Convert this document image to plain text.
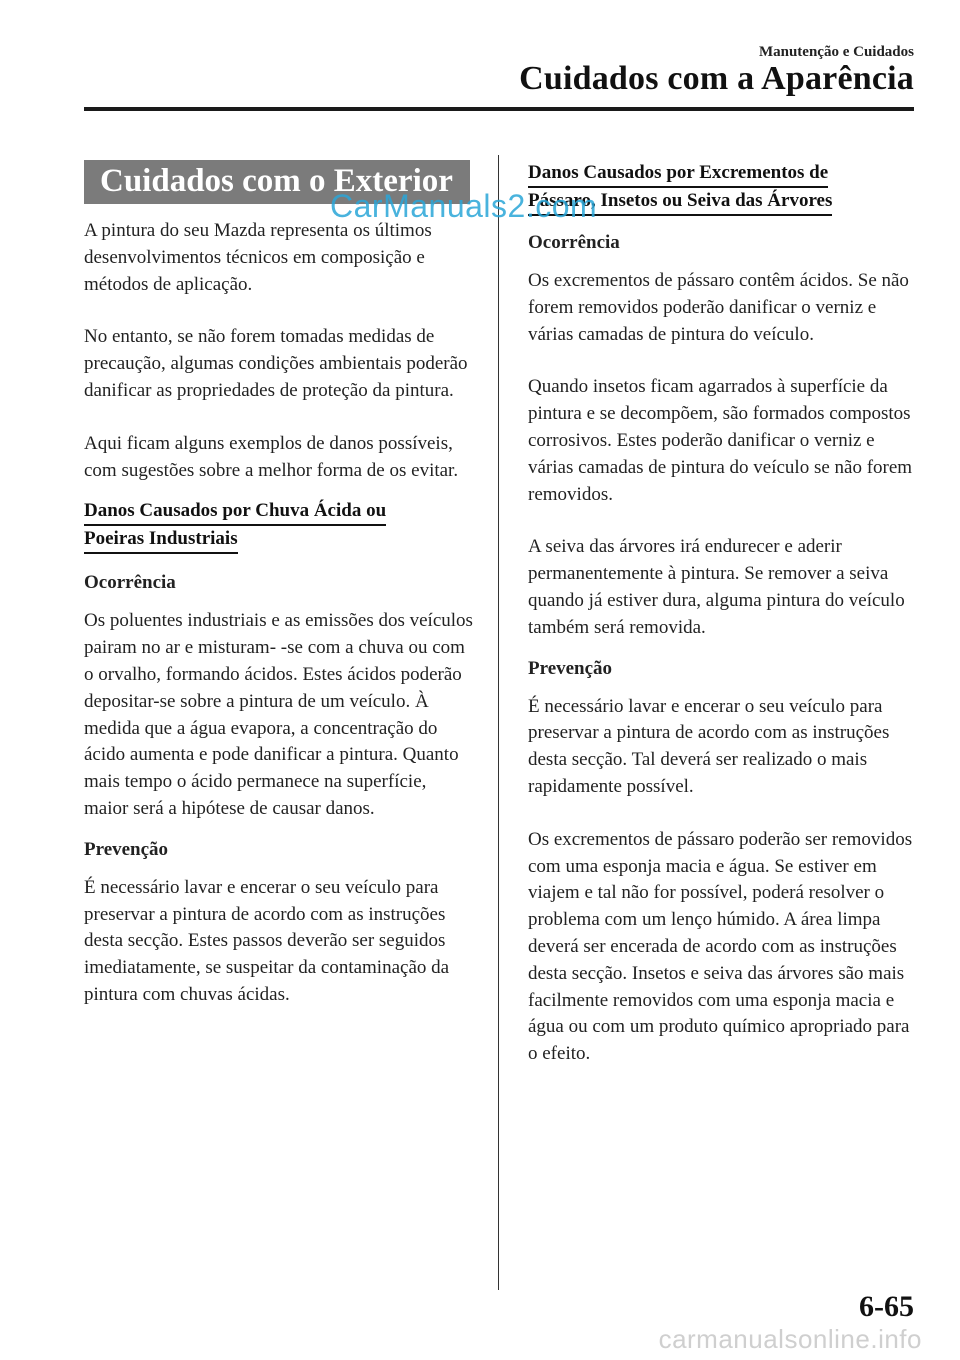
Manutenção e Cuidados
Cuidados com a Aparência
Cuidados com o Exterior

A pintura do seu Mazda representa os últimos desenvolvimentos técnicos em composição e métodos de aplicação.

No entanto, se não forem tomadas medidas de precaução, algumas condições ambientais poderão danificar as propriedades de proteção da pintura.

Aqui ficam alguns exemplos de danos possíveis, com sugestões sobre a melhor forma de os evitar.

Danos Causados por Chuva Ácida ou
Poeiras Industriais
Ocorrência

Os poluentes industriais e as emissões dos veículos pairam no ar e misturam- -se com a chuva ou com o orvalho, formando ácidos. Estes ácidos poderão depositar-se sobre a pintura de um veículo. À medida que a água evapora, a concentração do ácido aumenta e pode danificar a pintura. Quanto mais tempo o ácido permanece na superfície, maior será a hipótese de causar danos.

Prevenção

É necessário lavar e encerar o seu veículo para preservar a pintura de acordo com as instruções desta secção. Estes passos deverão ser seguidos imediatamente, se suspeitar da contaminação da pintura com chuvas ácidas.

Danos Causados por Excrementos de
Pássaro, Insetos ou Seiva das Árvores
Ocorrência

Os excrementos de pássaro contêm ácidos. Se não forem removidos poderão danificar o verniz e várias camadas de pintura do veículo.

Quando insetos ficam agarrados à superfície da pintura e se decompõem, são formados compostos corrosivos. Estes poderão danificar o verniz e várias camadas de pintura do veículo se não forem removidos.

A seiva das árvores irá endurecer e aderir permanentemente à pintura. Se remover a seiva quando já estiver dura, alguma pintura do veículo também será removida.

Prevenção

É necessário lavar e encerar o seu veículo para preservar a pintura de acordo com as instruções desta secção. Tal deverá ser realizado o mais rapidamente possível.

Os excrementos de pássaro poderão ser removidos com uma esponja macia e água. Se estiver em viajem e tal não for possível, poderá resolver o problema com um lenço húmido. A área limpa deverá ser encerada de acordo com as instruções desta secção. Insetos e seiva das árvores são mais facilmente removidos com uma esponja macia e água ou com um produto químico apropriado para o efeito.

CarManuals2.com
6-65
carmanualsonline.info
